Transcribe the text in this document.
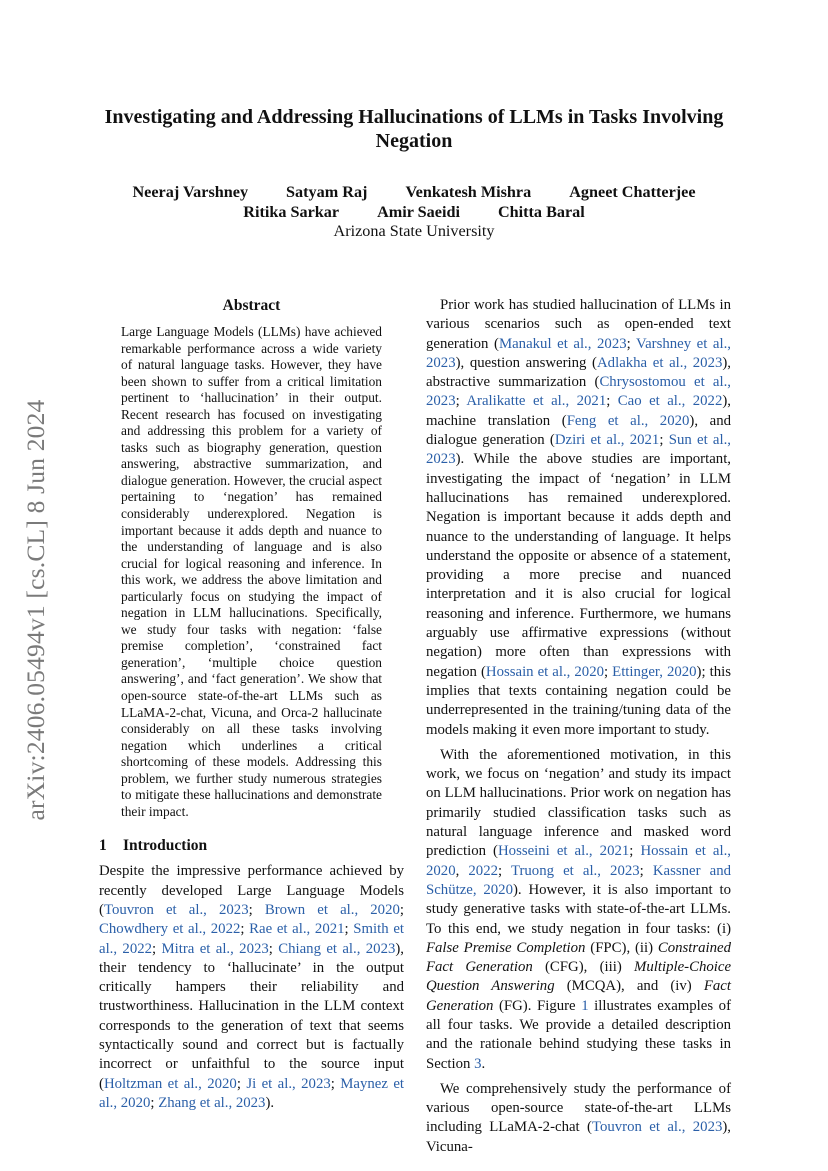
arXiv:2406.05494v1 [cs.CL] 8 Jun 2024
Investigating and Addressing Hallucinations of LLMs in Tasks Involving Negation
Neeraj Varshney Satyam Raj Venkatesh Mishra Agneet Chatterjee
Ritika Sarkar Amir Saeidi Chitta Baral
Arizona State University
Abstract

Large Language Models (LLMs) have achieved remarkable performance across a wide variety of natural language tasks. However, they have been shown to suffer from a critical limitation pertinent to ‘hallucination’ in their output. Recent research has focused on investigating and addressing this problem for a variety of tasks such as biography generation, question answering, abstractive summarization, and dialogue generation. However, the crucial aspect pertaining to ‘negation’ has remained considerably underexplored. Negation is important because it adds depth and nuance to the understanding of language and is also crucial for logical reasoning and inference. In this work, we address the above limitation and particularly focus on studying the impact of negation in LLM hallucinations. Specifically, we study four tasks with negation: ‘false premise completion’, ‘constrained fact generation’, ‘multiple choice question answering’, and ‘fact generation’. We show that open-source state-of-the-art LLMs such as LLaMA-2-chat, Vicuna, and Orca-2 hallucinate considerably on all these tasks involving negation which underlines a critical shortcoming of these models. Addressing this problem, we further study numerous strategies to mitigate these hallucinations and demonstrate their impact.

1 Introduction

Despite the impressive performance achieved by recently developed Large Language Models (Touvron et al., 2023; Brown et al., 2020; Chowdhery et al., 2022; Rae et al., 2021; Smith et al., 2022; Mitra et al., 2023; Chiang et al., 2023), their tendency to ‘hallucinate’ in the output critically hampers their reliability and trustworthiness. Hallucination in the LLM context corresponds to the generation of text that seems syntactically sound and correct but is factually incorrect or unfaithful to the source input (Holtzman et al., 2020; Ji et al., 2023; Maynez et al., 2020; Zhang et al., 2023).

Prior work has studied hallucination of LLMs in various scenarios such as open-ended text generation (Manakul et al., 2023; Varshney et al., 2023), question answering (Adlakha et al., 2023), abstractive summarization (Chrysostomou et al., 2023; Aralikatte et al., 2021; Cao et al., 2022), machine translation (Feng et al., 2020), and dialogue generation (Dziri et al., 2021; Sun et al., 2023). While the above studies are important, investigating the impact of ‘negation’ in LLM hallucinations has remained underexplored. Negation is important because it adds depth and nuance to the understanding of language. It helps understand the opposite or absence of a statement, providing a more precise and nuanced interpretation and it is also crucial for logical reasoning and inference. Furthermore, we humans arguably use affirmative expressions (without negation) more often than expressions with negation (Hossain et al., 2020; Ettinger, 2020); this implies that texts containing negation could be underrepresented in the training/tuning data of the models making it even more important to study.

With the aforementioned motivation, in this work, we focus on ‘negation’ and study its impact on LLM hallucinations. Prior work on negation has primarily studied classification tasks such as natural language inference and masked word prediction (Hosseini et al., 2021; Hossain et al., 2020, 2022; Truong et al., 2023; Kassner and Schütze, 2020). However, it is also important to study generative tasks with state-of-the-art LLMs. To this end, we study negation in four tasks: (i) False Premise Completion (FPC), (ii) Constrained Fact Generation (CFG), (iii) Multiple-Choice Question Answering (MCQA), and (iv) Fact Generation (FG). Figure 1 illustrates examples of all four tasks. We provide a detailed description and the rationale behind studying these tasks in Section 3.

We comprehensively study the performance of various open-source state-of-the-art LLMs including LLaMA-2-chat (Touvron et al., 2023), Vicuna-
